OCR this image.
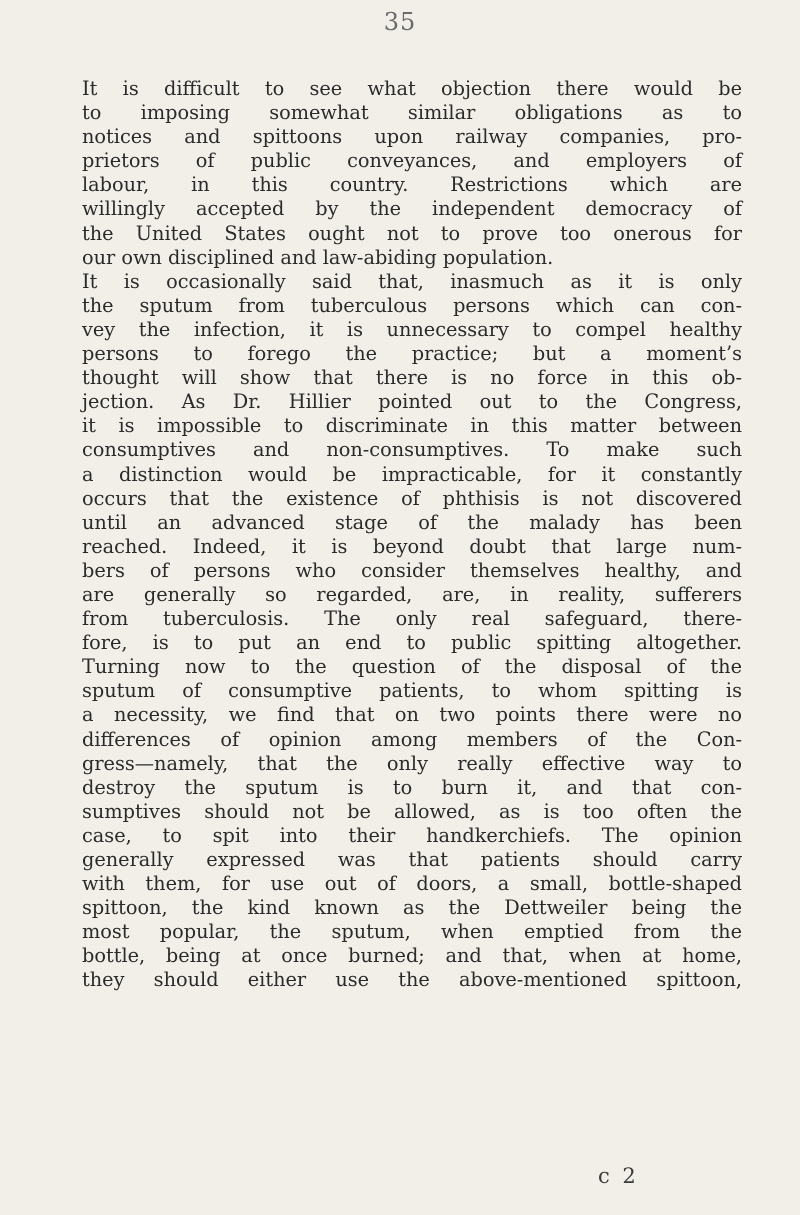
35
It is difficult to see what objection there would be
to imposing somewhat similar obligations as to
notices and spittoons upon railway companies, pro-
prietors of public conveyances, and employers of
labour, in this country. Restrictions which are
willingly accepted by the independent democracy of
the United States ought not to prove too onerous for
our own disciplined and law-abiding population.
It is occasionally said that, inasmuch as it is only
the sputum from tuberculous persons which can con-
vey the infection, it is unnecessary to compel healthy
persons to forego the practice; but a moment’s
thought will show that there is no force in this ob-
jection. As Dr. Hillier pointed out to the Congress,
it is impossible to discriminate in this matter between
consumptives and non-consumptives. To make such
a distinction would be impracticable, for it constantly
occurs that the existence of phthisis is not discovered
until an advanced stage of the malady has been
reached. Indeed, it is beyond doubt that large num-
bers of persons who consider themselves healthy, and
are generally so regarded, are, in reality, sufferers
from tuberculosis. The only real safeguard, there-
fore, is to put an end to public spitting altogether.
Turning now to the question of the disposal of the
sputum of consumptive patients, to whom spitting is
a necessity, we find that on two points there were no
differences of opinion among members of the Con-
gress—namely, that the only really effective way to
destroy the sputum is to burn it, and that con-
sumptives should not be allowed, as is too often the
case, to spit into their handkerchiefs. The opinion
generally expressed was that patients should carry
with them, for use out of doors, a small, bottle-shaped
spittoon, the kind known as the Dettweiler being the
most popular, the sputum, when emptied from the
bottle, being at once burned; and that, when at home,
they should either use the above-mentioned spittoon,
c 2
